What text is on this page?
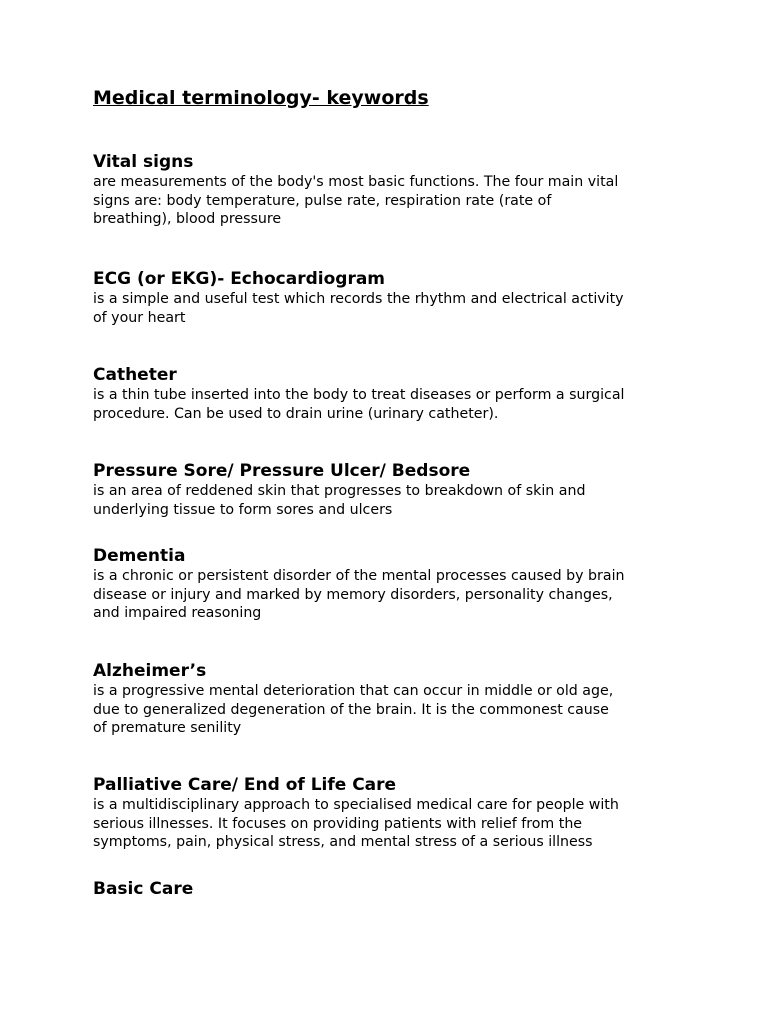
Medical terminology- keywords

Vital signs

are measurements of the body's most basic functions. The four main vital
signs are: body temperature, pulse rate, respiration rate (rate of
breathing), blood pressure

ECG (or EKG)- Echocardiogram

is a simple and useful test which records the rhythm and electrical activity
of your heart

Catheter

is a thin tube inserted into the body to treat diseases or perform a surgical
procedure. Can be used to drain urine (urinary catheter).

Pressure Sore/ Pressure Ulcer/ Bedsore

is an area of reddened skin that progresses to breakdown of skin and
underlying tissue to form sores and ulcers

Dementia

is a chronic or persistent disorder of the mental processes caused by brain
disease or injury and marked by memory disorders, personality changes,
and impaired reasoning

Alzheimer’s

is a progressive mental deterioration that can occur in middle or old age,
due to generalized degeneration of the brain. It is the commonest cause
of premature senility

Palliative Care/ End of Life Care

is a multidisciplinary approach to specialised medical care for people with
serious illnesses. It focuses on providing patients with relief from the
symptoms, pain, physical stress, and mental stress of a serious illness

Basic Care
